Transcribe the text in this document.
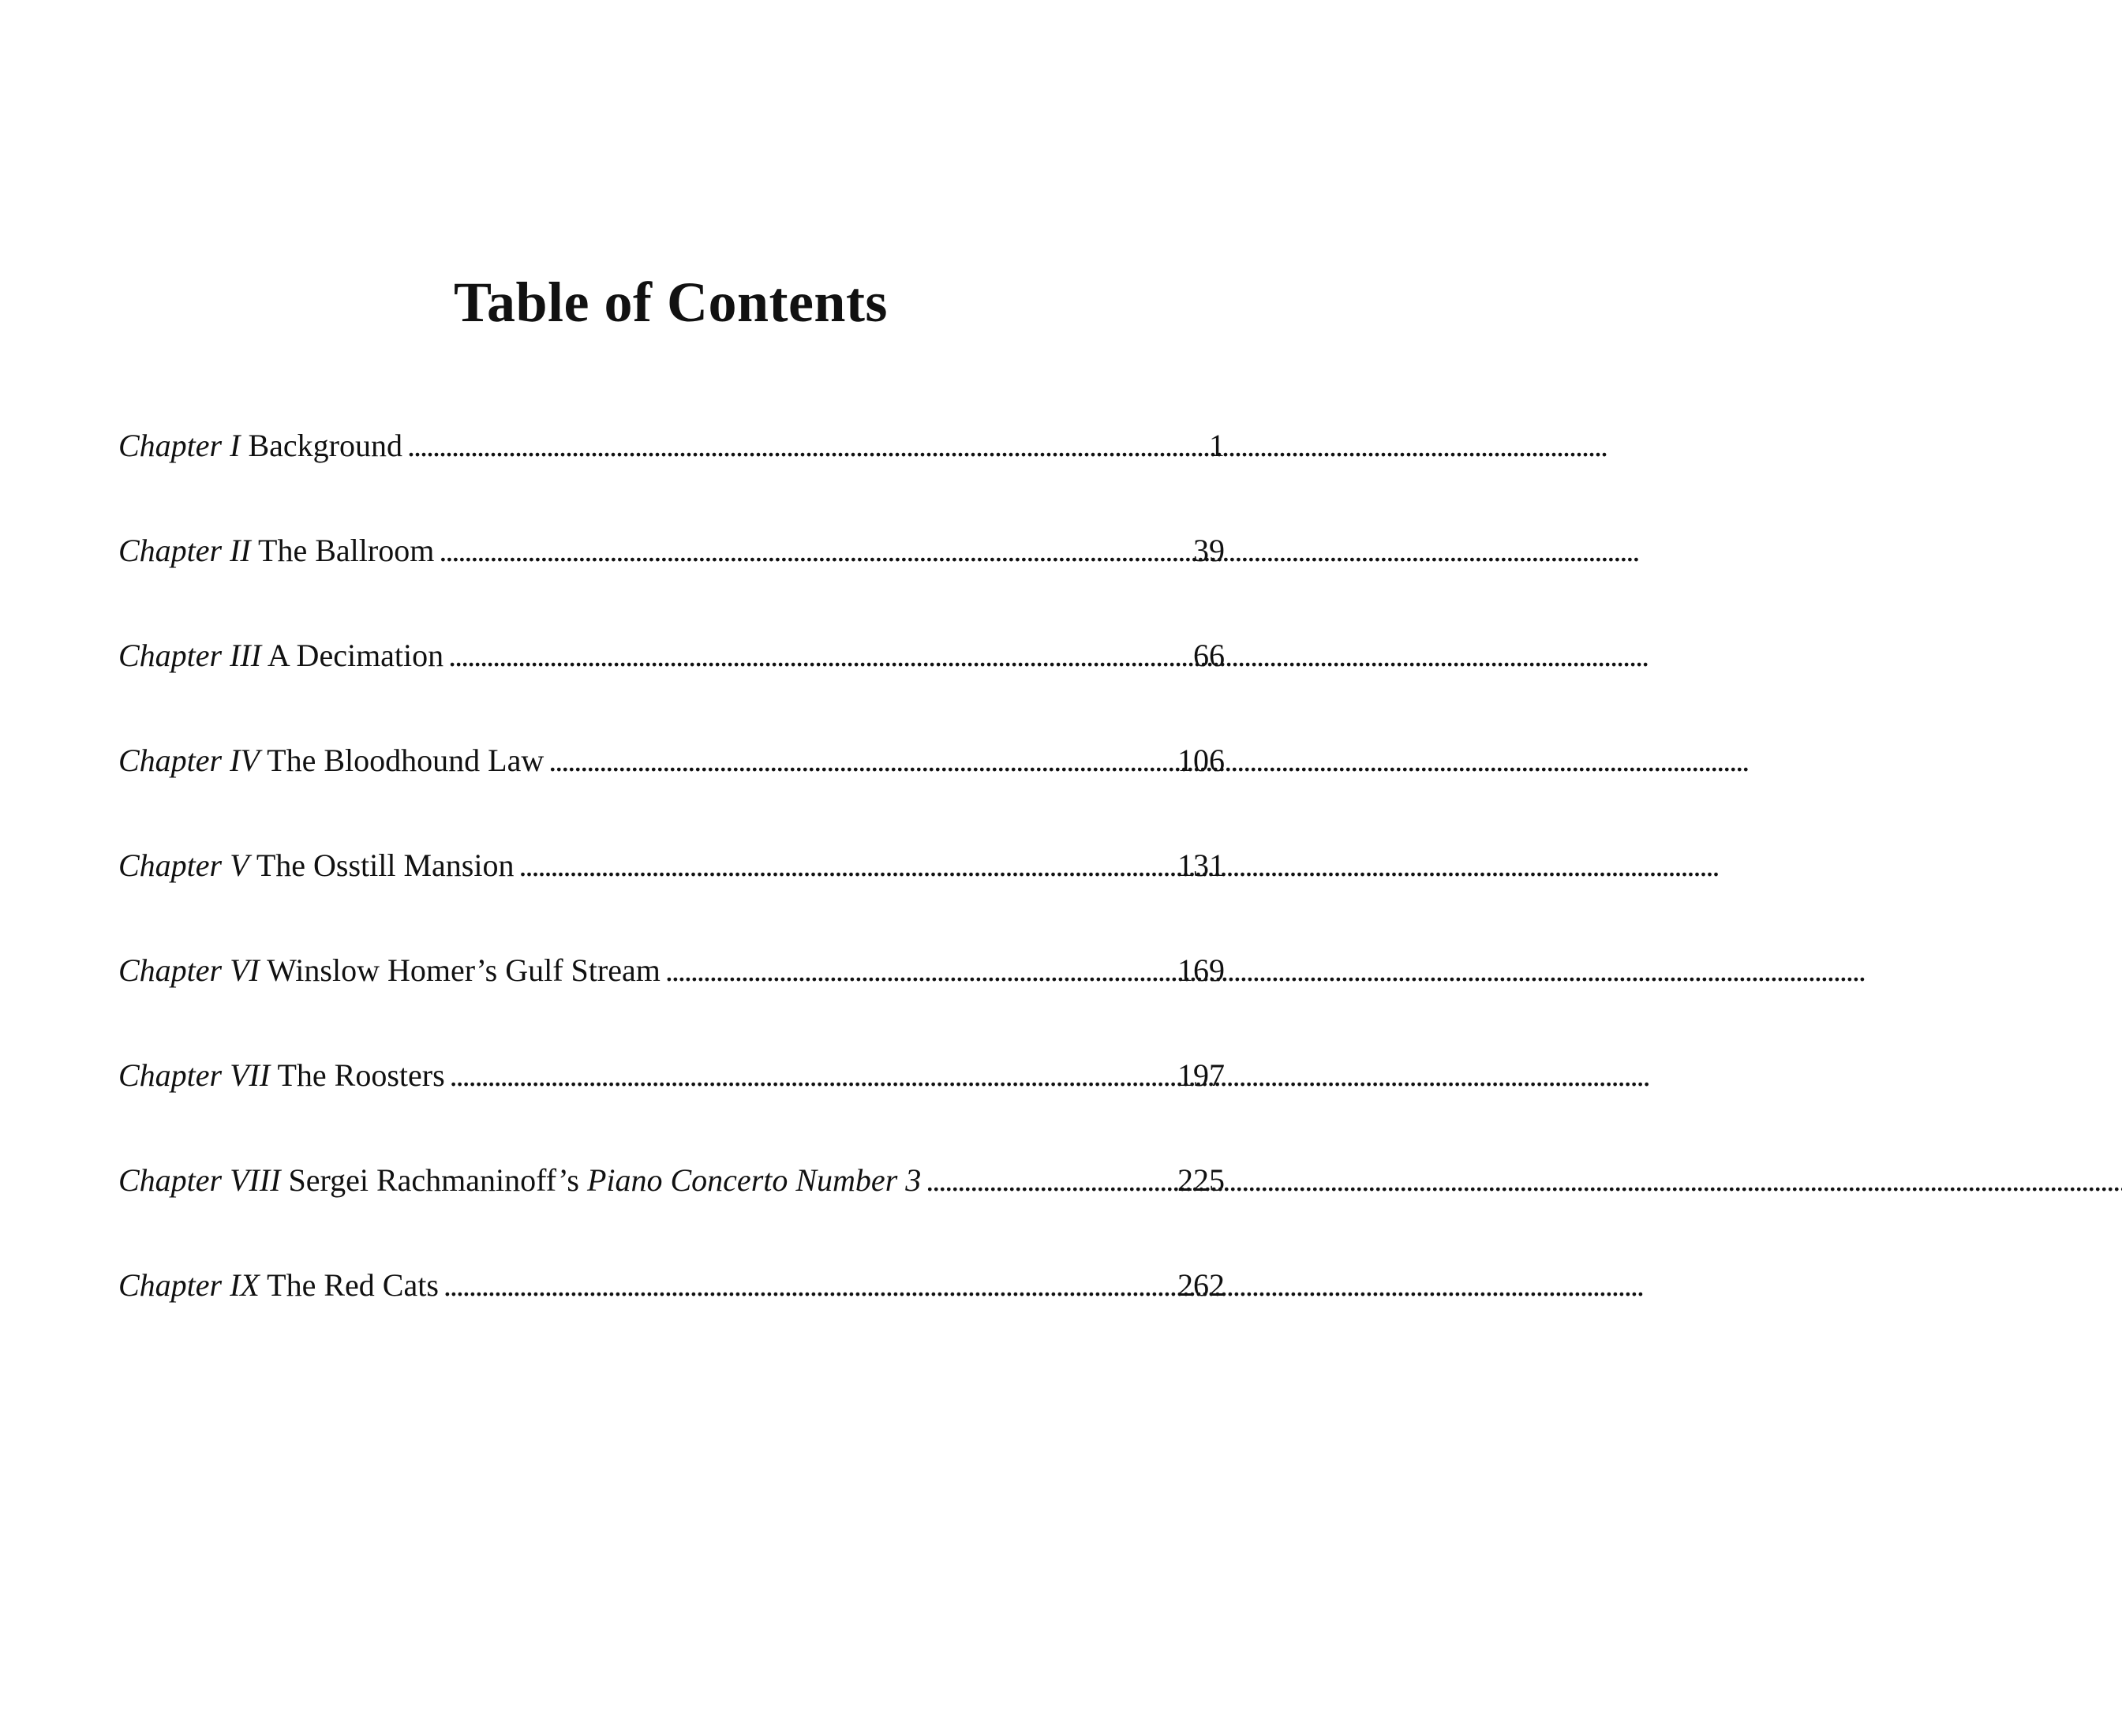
Table of Contents
Chapter I Background . . .	1
Chapter II The Ballroom . . .	39
Chapter III A Decimation . . .	66
Chapter IV The Bloodhound Law . . .	106
Chapter V The Osstill Mansion . . .	131
Chapter VI Winslow Homer’s Gulf Stream . . .	169
Chapter VII The Roosters . . .	197
Chapter VIII Sergei Rachmaninoff’s Piano Concerto Number 3 . . .	225
Chapter IX The Red Cats . . .	262
